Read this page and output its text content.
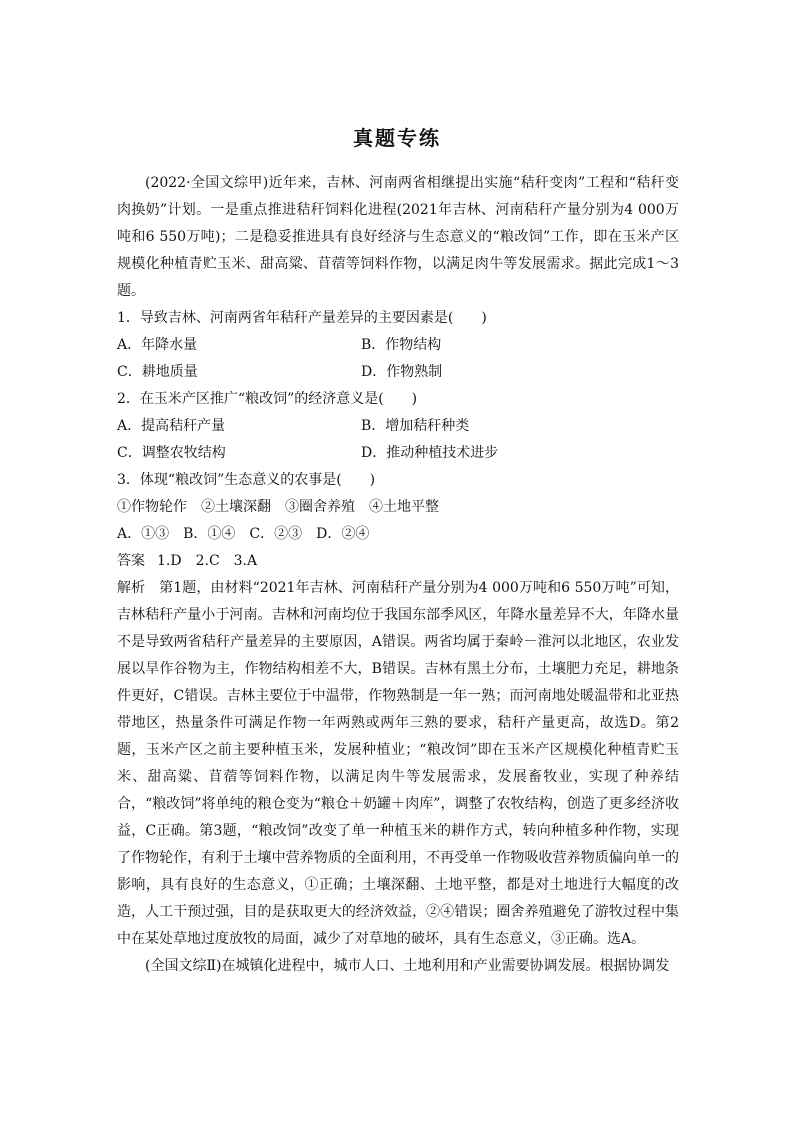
真题专练

(2022·全国文综甲)近年来，吉林、河南两省相继提出实施“秸秆变肉”工程和“秸秆变肉换奶”计划。一是重点推进秸秆饲料化进程(2021年吉林、河南秸秆产量分别为4 000万吨和6 550万吨)；二是稳妥推进具有良好经济与生态意义的“粮改饲”工作，即在玉米产区规模化种植青贮玉米、甜高粱、苜蓿等饲料作物，以满足肉牛等发展需求。据此完成1～3题。

1．导致吉林、河南两省年秸秆产量差异的主要因素是(　　)

A．年降水量	B．作物结构
C．耕地质量	D．作物熟制

2．在玉米产区推广“粮改饲”的经济意义是(　　)

A．提高秸秆产量	B．增加秸秆种类
C．调整农牧结构	D．推动种植技术进步

3．体现“粮改饲”生态意义的农事是(　　)

①作物轮作　②土壤深翻　③圈舍养殖　④土地平整

A．①③　B．①④　C．②③　D．②④

答案 1.D　2.C　3.A

解析 第1题，由材料“2021年吉林、河南秸秆产量分别为4 000万吨和6 550万吨”可知，吉林秸秆产量小于河南。吉林和河南均位于我国东部季风区，年降水量差异不大，年降水量不是导致两省秸秆产量差异的主要原因，A错误。两省均属于秦岭－淮河以北地区，农业发展以旱作谷物为主，作物结构相差不大，B错误。吉林有黑土分布，土壤肥力充足，耕地条件更好，C错误。吉林主要位于中温带，作物熟制是一年一熟；而河南地处暖温带和北亚热带地区，热量条件可满足作物一年两熟或两年三熟的要求，秸秆产量更高，故选D。第2题，玉米产区之前主要种植玉米，发展种植业；“粮改饲”即在玉米产区规模化种植青贮玉米、甜高粱、苜蓿等饲料作物，以满足肉牛等发展需求，发展畜牧业，实现了种养结合，“粮改饲”将单纯的粮仓变为“粮仓＋奶罐＋肉库”，调整了农牧结构，创造了更多经济收益，C正确。第3题，“粮改饲”改变了单一种植玉米的耕作方式，转向种植多种作物，实现了作物轮作，有利于土壤中营养物质的全面利用，不再受单一作物吸收营养物质偏向单一的影响，具有良好的生态意义，①正确；土壤深翻、土地平整，都是对土地进行大幅度的改造，人工干预过强，目的是获取更大的经济效益，②④错误；圈舍养殖避免了游牧过程中集中在某处草地过度放牧的局面，减少了对草地的破坏，具有生态意义，③正确。选A。

(全国文综Ⅱ)在城镇化进程中，城市人口、土地利用和产业需要协调发展。根据协调发
